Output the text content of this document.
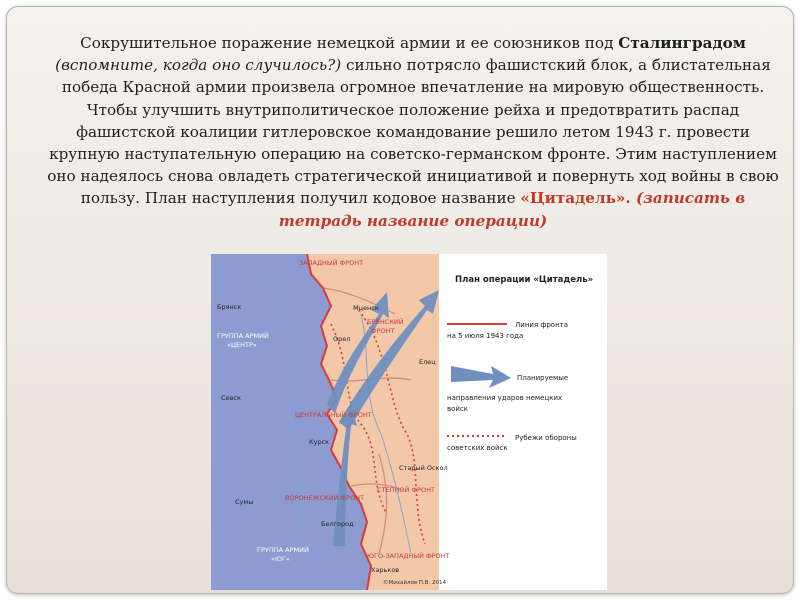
Сокрушительное поражение немецкой армии и ее союзников под Сталинградом (вспомните, когда оно случилось?) сильно потрясло фашистский блок, а блистательная победа Красной армии произвела огромное впечатление на мировую общественность. Чтобы улучшить внутриполитическое положение рейха и предотвратить распад фашистской коалиции гитлеровское командование решило летом 1943 г. провести крупную наступательную операцию на советско-германском фронте. Этим наступлением оно надеялось снова овладеть стратегической инициативой и повернуть ход войны в свою пользу. План наступления получил кодовое название «Цитадель». (записать в тетрадь название операции)
ЗАПАДНЫЙ ФРОНТ
Брянск	Мценск
БРЯНСКИЙ
ФРОНТ
ГРУППА АРМИЙ
«ЦЕНТР»
Орел
Елец
Севск
ЦЕНТРАЛЬНЫЙ ФРОНТ
Курск
Старый Оскол
Сумы	ВОРОНЕЖСКИЙ ФРОНТ
СТЕПНОЙ ФРОНТ
Белгород
ГРУППА АРМИЙ
«ЮГ»	ЮГО-ЗАПАДНЫЙ ФРОНТ
Харьков
©Михайлов П.В. 2014
План операции «Цитадель»
Линия фронта
на 5 июля 1943 года
Планируемые
направления ударов немецких
войск
Рубежи обороны
советских войск
